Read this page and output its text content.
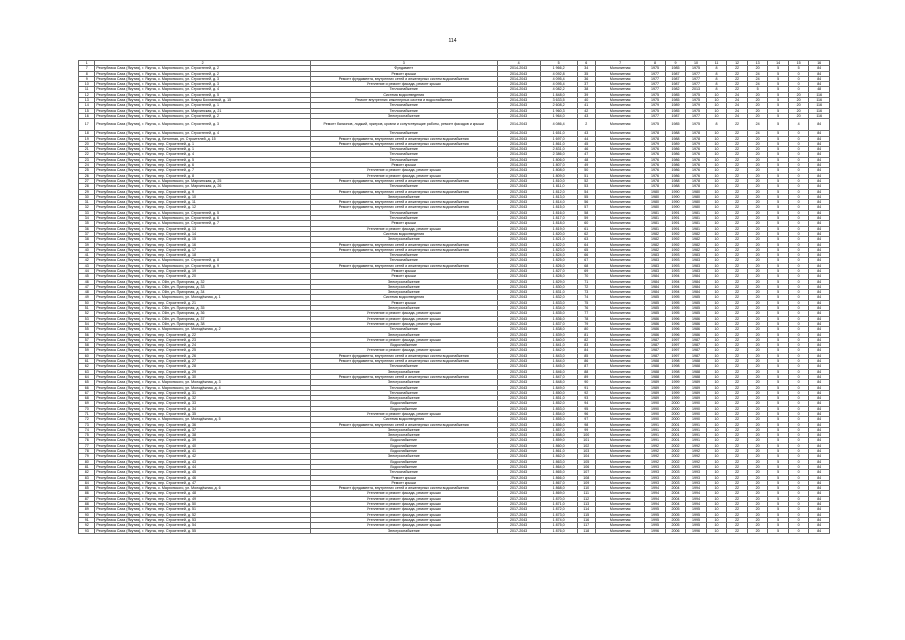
114
1	2	3	4	5	6	7	8	9	10	11	12	13	14	15	16
7	Республика Саха (Якутия), г. Якутск, с. Мархинского, ул. Строителей, д. 2	Фундамент	2014-2043	1 966,2	34	Монолитная	1975	1985	1975	8	22	20	5	5	84
8	Республика Саха (Якутия), г. Якутск, с. Мархинского, ул. Строителей, д. 2	Ремонт крыши	2014-2043	4 092,8	35	Монолитная	1977	1987	1977	8	22	24	5	0	84
9	Республика Саха (Якутия), г. Якутск, с. Мархинского, ул. Строителей, д. 3	Ремонт фундамента, внутренних сетей и инженерных систем водоснабжения	2014-2043	4 095,4	36	Монолитная	1977	1987	1977	8	22	24	5	0	84
10	Республика Саха (Якутия), г. Якутск, с. Мархинского, ул. Строителей, д. 3	Утепление и ремонт фасада, ремонт крыши	2014-2043	4 095,4	37	Монолитная	1977	1987	1977	8	22	24	5	0	84
11	Республика Саха (Якутия), г. Якутск, с. Мархинского, ул. Строителей, д. 4	Теплоснабжение	2014-2043	4 082,2	38	Монолитная	1977	1982	2013	8	22	5	5	0	48
12	Республика Саха (Якутия), г. Якутск, с. Мархинского, ул. Строителей, д. 5	Система водоотведения	2014-2043	1 848,0	39	Монолитная	1975	1985	1975	10	24	20	5	20	116
13	Республика Саха (Якутия), г. Якутск, с. Мархинского, ул. Клары Бохлаевой, д. 15	Ремонт внутренних инженерных систем и водоснабжения	2014-2043	3 633,5	40	Монолитная	1975	1985	1975	10	24	20	5	20	116
14	Республика Саха (Якутия), г. Якутск, с. Мархинского, ул. Строителей, д. 1	Теплоснабжение	2014-2043	2 608,2	41	Монолитная	1979	1989	1979	10	24	20	5	20	116
15	Республика Саха (Якутия), г. Якутск, с. Мархинского, ул. Мархинская, д. 21	Теплоснабжение	2014-2043	1 960,3	42	Монолитная	1975	1985	1975	10	24	20	5	20	116
16	Республика Саха (Якутия), г. Якутск, с. Мархинского, ул. Строителей, д. 2	Электроснабжение	2014-2043	1 964,0	43	Монолитная	1977	1987	1977	10	24	20	5	20	116
17	Республика Саха (Якутия), г. Якутск, с. Мархинского, ул. Строителей, д. 3	Ремонт балконов, лоджий, эркеров, кровли и сопутствующие работы, ремонт фасадов и крыши	2014-2043	4 086,4	2	Монолитная	1975	1985	1975	8	22	24	5	4	84
18	Республика Саха (Якутия), г. Якутск, с. Мархинского, ул. Строителей, д. 4	Теплоснабжение	2014-2043	1 651,0	43	Монолитная	1978	1988	1978	10	22	24	5	0	84
19	Республика Саха (Якутия), г. Якутск, д. Бетонная, ул. Строителей, д. 15	Ремонт фундамента, внутренних сетей и инженерных систем водоснабжения	2014-2043	1 697,0	44	Монолитная	1978	1988	1978	10	22	20	5	0	84
20	Республика Саха (Якутия), г. Якутск, пер. Строителей, д. 1	Ремонт фундамента, внутренних сетей и инженерных систем водоснабжения	2014-2043	1 861,0	45	Монолитная	1979	1989	1979	10	22	20	5	0	84
21	Республика Саха (Якутия), г. Якутск, пер. Строителей, д. 1	Теплоснабжение	2014-2043	2 831,0	46	Монолитная	1976	1986	1976	10	22	20	5	0	84
22	Республика Саха (Якутия), г. Якутск, пер. Строителей, д. 4	Теплоснабжение	2014-2043	2 386,0	47	Монолитная	1976	1986	1976	10	22	20	5	0	84
23	Республика Саха (Якутия), г. Якутск, пер. Строителей, д. 5	Теплоснабжение	2014-2043	1 806,0	48	Монолитная	1976	1986	1976	10	22	20	5	0	84
24	Республика Саха (Якутия), г. Якутск, пер. Строителей, д. 6	Ремонт крыши	2014-2043	1 807,0	49	Монолитная	1976	1986	1976	10	22	20	5	0	84
25	Республика Саха (Якутия), г. Якутск, пер. Строителей, д. 7	Утепление и ремонт фасада, ремонт крыши	2014-2043	1 808,0	50	Монолитная	1976	1986	1976	10	22	20	5	0	84
26	Республика Саха (Якутия), г. Якутск, пер. Строителей, д. 8	Утепление и ремонт фасада, ремонт крыши	2017-2043	1 809,0	51	Монолитная	1976	1986	1976	10	22	20	5	0	84
27	Республика Саха (Якутия), г. Якутск, с. Мархинского, ул. Мархинская, д. 25	Ремонт фундамента, внутренних сетей и инженерных систем водоснабжения	2017-2043	1 810,0	52	Монолитная	1978	1988	1978	10	22	20	5	0	84
28	Республика Саха (Якутия), г. Якутск, с. Мархинского, ул. Мархинская, д. 26	Теплоснабжение	2017-2043	1 811,0	53	Монолитная	1978	1988	1978	10	22	20	5	0	84
29	Республика Саха (Якутия), г. Якутск, пер. Строителей, д. 9	Ремонт фундамента, внутренних сетей и инженерных систем водоснабжения	2017-2043	1 812,0	54	Монолитная	1980	1990	1980	10	22	20	5	0	84
30	Республика Саха (Якутия), г. Якутск, пер. Строителей, д. 10	Электроснабжение	2017-2043	1 813,0	55	Монолитная	1980	1990	1980	10	22	20	5	0	84
31	Республика Саха (Якутия), г. Якутск, пер. Строителей, д. 11	Ремонт фундамента, внутренних сетей и инженерных систем водоснабжения	2017-2043	1 814,0	56	Монолитная	1980	1990	1980	10	22	20	5	0	84
32	Республика Саха (Якутия), г. Якутск, пер. Строителей, д. 12	Ремонт фундамента, внутренних сетей и инженерных систем водоснабжения	2017-2043	1 815,0	57	Монолитная	1980	1990	1980	10	22	20	5	0	84
33	Республика Саха (Якутия), г. Якутск, с. Мархинского, ул. Строителей, д. 5	Теплоснабжение	2017-2043	1 816,0	58	Монолитная	1981	1991	1981	10	22	20	5	0	84
34	Республика Саха (Якутия), г. Якутск, с. Мархинского, ул. Строителей, д. 6	Теплоснабжение	2017-2043	1 817,0	59	Монолитная	1981	1991	1981	10	22	20	5	0	84
35	Республика Саха (Якутия), г. Якутск, с. Мархинского, ул. Строителей, д. 7	Ремонт крыши	2017-2043	1 818,0	60	Монолитная	1981	1991	1981	10	22	20	5	0	84
36	Республика Саха (Якутия), г. Якутск, пер. Строителей, д. 13	Утепление и ремонт фасада, ремонт крыши	2017-2043	1 819,0	61	Монолитная	1981	1991	1981	10	22	20	5	0	84
37	Республика Саха (Якутия), г. Якутск, пер. Строителей, д. 14	Система водоотведения	2017-2043	1 820,0	62	Монолитная	1982	1992	1982	10	22	20	5	0	84
38	Республика Саха (Якутия), г. Якутск, пер. Строителей, д. 15	Электроснабжение	2017-2043	1 821,0	63	Монолитная	1982	1992	1982	10	22	20	5	0	84
39	Республика Саха (Якутия), г. Якутск, пер. Строителей, д. 16	Ремонт фундамента, внутренних сетей и инженерных систем водоснабжения	2017-2043	1 822,0	64	Монолитная	1982	1992	1982	10	22	20	5	0	84
40	Республика Саха (Якутия), г. Якутск, пер. Строителей, д. 17	Ремонт фундамента, внутренних сетей и инженерных систем водоснабжения	2017-2043	1 823,0	65	Монолитная	1982	1992	1982	10	22	20	5	0	84
41	Республика Саха (Якутия), г. Якутск, пер. Строителей, д. 18	Теплоснабжение	2017-2043	1 824,0	66	Монолитная	1983	1993	1983	10	22	20	5	0	84
42	Республика Саха (Якутия), г. Якутск, с. Мархинского, ул. Строителей, д. 8	Теплоснабжение	2017-2043	1 825,0	67	Монолитная	1983	1993	1983	10	22	20	5	0	84
43	Республика Саха (Якутия), г. Якутск, с. Мархинского, ул. Строителей, д. 9	Ремонт фундамента, внутренних сетей и инженерных систем водоснабжения	2017-2043	1 826,0	68	Монолитная	1983	1993	1983	10	22	20	5	0	84
44	Республика Саха (Якутия), г. Якутск, пер. Строителей, д. 19	Ремонт крыши	2017-2043	1 827,0	69	Монолитная	1983	1993	1983	10	22	20	5	0	84
45	Республика Саха (Якутия), г. Якутск, пер. Строителей, д. 20	Ремонт крыши	2017-2043	1 828,0	70	Монолитная	1984	1994	1984	10	22	20	5	0	84
46	Республика Саха (Якутия), г. Якутск, с. Ойл, ул. Пригорная, д. 32	Электроснабжение	2017-2043	1 829,0	71	Монолитная	1984	1994	1984	10	22	20	5	0	84
47	Республика Саха (Якутия), г. Якутск, с. Ойл, ул. Пригорная, д. 33	Электроснабжение	2017-2043	1 830,0	72	Монолитная	1984	1994	1984	10	22	20	5	0	84
48	Республика Саха (Якутия), г. Якутск, с. Ойл, ул. Пригорная, д. 34	Электроснабжение	2017-2043	1 831,0	73	Монолитная	1984	1994	1984	10	22	20	5	0	84
49	Республика Саха (Якутия), г. Якутск, с. Мархинского, ул. Молодёжная, д. 1	Система водоотведения	2017-2043	1 832,0	74	Монолитная	1985	1995	1985	10	22	20	5	0	84
50	Республика Саха (Якутия), г. Якутск, пер. Строителей, д. 21	Ремонт крыши	2017-2043	1 833,0	75	Монолитная	1985	1995	1985	10	22	20	5	0	84
51	Республика Саха (Якутия), г. Якутск, с. Ойл, ул. Пригорная, д. 35	Электроснабжение	2017-2043	1 834,0	76	Монолитная	1985	1995	1985	10	22	20	5	0	84
52	Республика Саха (Якутия), г. Якутск, с. Ойл, ул. Пригорная, д. 36	Утепление и ремонт фасада, ремонт крыши	2017-2043	1 835,0	77	Монолитная	1985	1995	1985	10	22	20	5	0	84
53	Республика Саха (Якутия), г. Якутск, с. Ойл, ул. Пригорная, д. 37	Утепление и ремонт фасада, ремонт крыши	2017-2043	1 836,0	78	Монолитная	1986	1996	1986	10	22	20	5	0	84
54	Республика Саха (Якутия), г. Якутск, с. Ойл, ул. Пригорная, д. 38	Утепление и ремонт фасада, ремонт крыши	2017-2043	1 837,0	79	Монолитная	1986	1996	1986	10	22	20	5	0	84
55	Республика Саха (Якутия), г. Якутск, с. Мархинского, ул. Молодёжная, д. 2	Теплоснабжение	2017-2043	1 838,0	80	Монолитная	1986	1996	1986	10	22	20	5	0	84
56	Республика Саха (Якутия), г. Якутск, пер. Строителей, д. 22	Электроснабжение	2017-2043	1 839,0	81	Монолитная	1986	1996	1986	10	22	20	5	0	84
57	Республика Саха (Якутия), г. Якутск, пер. Строителей, д. 23	Утепление и ремонт фасада, ремонт крыши	2017-2043	1 840,0	82	Монолитная	1987	1997	1987	10	22	20	5	0	84
58	Республика Саха (Якутия), г. Якутск, пер. Строителей, д. 24	Водоснабжение	2017-2043	1 841,0	83	Монолитная	1987	1997	1987	10	22	20	5	0	84
59	Республика Саха (Якутия), г. Якутск, пер. Строителей, д. 25	Утепление и ремонт фасада, ремонт крыши	2017-2043	1 842,0	84	Монолитная	1987	1997	1987	10	22	20	5	0	84
60	Республика Саха (Якутия), г. Якутск, пер. Строителей, д. 26	Ремонт фундамента, внутренних сетей и инженерных систем водоснабжения	2017-2043	1 843,0	85	Монолитная	1987	1997	1987	10	22	20	5	0	84
61	Республика Саха (Якутия), г. Якутск, пер. Строителей, д. 27	Ремонт фундамента, внутренних сетей и инженерных систем водоснабжения	2017-2043	1 844,0	86	Монолитная	1988	1998	1988	10	22	20	5	0	84
62	Республика Саха (Якутия), г. Якутск, пер. Строителей, д. 28	Теплоснабжение	2017-2043	1 845,0	87	Монолитная	1988	1998	1988	10	22	20	5	0	84
63	Республика Саха (Якутия), г. Якутск, пер. Строителей, д. 29	Электроснабжение	2017-2043	1 846,0	88	Монолитная	1988	1998	1988	10	22	20	5	0	84
64	Республика Саха (Якутия), г. Якутск, пер. Строителей, д. 30	Ремонт фундамента, внутренних сетей и инженерных систем водоснабжения	2017-2043	1 847,0	89	Монолитная	1988	1998	1988	10	22	20	5	0	84
65	Республика Саха (Якутия), г. Якутск, с. Мархинского, ул. Молодёжная, д. 3	Электроснабжение	2017-2043	1 848,0	90	Монолитная	1989	1999	1989	10	22	20	5	0	84
66	Республика Саха (Якутия), г. Якутск, с. Мархинского, ул. Молодёжная, д. 4	Теплоснабжение	2017-2043	1 849,0	91	Монолитная	1989	1999	1989	10	22	20	5	0	84
67	Республика Саха (Якутия), г. Якутск, пер. Строителей, д. 31	Теплоснабжение	2017-2043	1 850,0	92	Монолитная	1989	1999	1989	10	22	20	5	0	84
68	Республика Саха (Якутия), г. Якутск, пер. Строителей, д. 32	Электроснабжение	2017-2043	1 851,0	93	Монолитная	1989	1999	1989	10	22	20	5	0	84
69	Республика Саха (Якутия), г. Якутск, пер. Строителей, д. 33	Водоснабжение	2017-2043	1 852,0	94	Монолитная	1990	2000	1990	10	22	20	5	0	84
70	Республика Саха (Якутия), г. Якутск, пер. Строителей, д. 34	Водоснабжение	2017-2043	1 853,0	95	Монолитная	1990	2000	1990	10	22	20	5	0	84
71	Республика Саха (Якутия), г. Якутск, пер. Строителей, д. 35	Утепление и ремонт фасада, ремонт крыши	2017-2043	1 854,0	96	Монолитная	1990	2000	1990	10	22	20	5	0	84
72	Республика Саха (Якутия), г. Якутск, с. Мархинского, ул. Молодёжная, д. 5	Система водоотведения	2017-2043	1 855,0	97	Монолитная	1990	2000	1990	10	22	20	5	0	84
73	Республика Саха (Якутия), г. Якутск, пер. Строителей, д. 36	Ремонт фундамента, внутренних сетей и инженерных систем водоснабжения	2017-2043	1 856,0	98	Монолитная	1991	2001	1991	10	22	20	5	0	84
74	Республика Саха (Якутия), г. Якутск, пер. Строителей, д. 37	Электроснабжение	2017-2043	1 857,0	99	Монолитная	1991	2001	1991	10	22	20	5	0	84
75	Республика Саха (Якутия), г. Якутск, пер. Строителей, д. 38	Электроснабжение	2017-2043	1 858,0	100	Монолитная	1991	2001	1991	10	22	20	5	0	84
76	Республика Саха (Якутия), г. Якутск, пер. Строителей, д. 39	Водоснабжение	2017-2043	1 859,0	101	Монолитная	1991	2001	1991	10	22	20	5	0	84
77	Республика Саха (Якутия), г. Якутск, пер. Строителей, д. 40	Водоснабжение	2017-2043	1 860,0	102	Монолитная	1992	2002	1992	10	22	20	5	0	84
78	Республика Саха (Якутия), г. Якутск, пер. Строителей, д. 41	Водоснабжение	2017-2043	1 861,0	103	Монолитная	1992	2002	1992	10	22	20	5	0	84
79	Республика Саха (Якутия), г. Якутск, пер. Строителей, д. 42	Электроснабжение	2017-2043	1 862,0	104	Монолитная	1992	2002	1992	10	22	20	5	0	84
80	Республика Саха (Якутия), г. Якутск, пер. Строителей, д. 43	Водоснабжение	2017-2043	1 863,0	105	Монолитная	1992	2002	1992	10	22	20	5	0	84
81	Республика Саха (Якутия), г. Якутск, пер. Строителей, д. 44	Водоснабжение	2017-2043	1 864,0	106	Монолитная	1993	2003	1993	10	22	20	5	0	84
82	Республика Саха (Якутия), г. Якутск, пер. Строителей, д. 45	Теплоснабжение	2017-2043	1 865,0	107	Монолитная	1993	2003	1993	10	22	20	5	0	84
83	Республика Саха (Якутия), г. Якутск, пер. Строителей, д. 46	Ремонт крыши	2017-2043	1 866,0	108	Монолитная	1993	2003	1993	10	22	20	5	0	84
84	Республика Саха (Якутия), г. Якутск, пер. Строителей, д. 47	Ремонт крыши	2017-2043	1 867,0	109	Монолитная	1993	2003	1993	10	22	20	5	0	84
85	Республика Саха (Якутия), г. Якутск, с. Мархинского, ул. Молодёжная, д. 6	Ремонт фундамента, внутренних сетей и инженерных систем водоснабжения	2017-2043	1 868,0	110	Монолитная	1994	2004	1994	10	22	20	5	0	84
86	Республика Саха (Якутия), г. Якутск, пер. Строителей, д. 48	Утепление и ремонт фасада, ремонт крыши	2017-2043	1 869,0	111	Монолитная	1994	2004	1994	10	22	20	5	0	84
87	Республика Саха (Якутия), г. Якутск, пер. Строителей, д. 49	Утепление и ремонт фасада, ремонт крыши	2017-2043	1 870,0	112	Монолитная	1994	2004	1994	10	22	20	5	0	84
88	Республика Саха (Якутия), г. Якутск, пер. Строителей, д. 50	Утепление и ремонт фасада, ремонт крыши	2017-2043	1 871,0	113	Монолитная	1994	2004	1994	10	22	20	5	0	84
89	Республика Саха (Якутия), г. Якутск, пер. Строителей, д. 51	Утепление и ремонт фасада, ремонт крыши	2017-2043	1 872,0	114	Монолитная	1995	2005	1995	10	22	20	5	0	84
90	Республика Саха (Якутия), г. Якутск, пер. Строителей, д. 52	Утепление и ремонт фасада, ремонт крыши	2017-2043	1 873,0	115	Монолитная	1995	2005	1995	10	22	20	5	0	84
91	Республика Саха (Якутия), г. Якутск, пер. Строителей, д. 53	Утепление и ремонт фасада, ремонт крыши	2017-2043	1 874,0	116	Монолитная	1995	2005	1995	10	22	20	5	0	84
92	Республика Саха (Якутия), г. Якутск, пер. Строителей, д. 54	Утепление и ремонт фасада, ремонт крыши	2017-2043	1 875,0	117	Монолитная	1995	2005	1995	10	22	20	5	0	84
93	Республика Саха (Якутия), г. Якутск, пер. Строителей, д. 55	Электроснабжение	2017-2043	1 876,0	118	Монолитная	1996	2006	1996	10	22	20	5	0	84
